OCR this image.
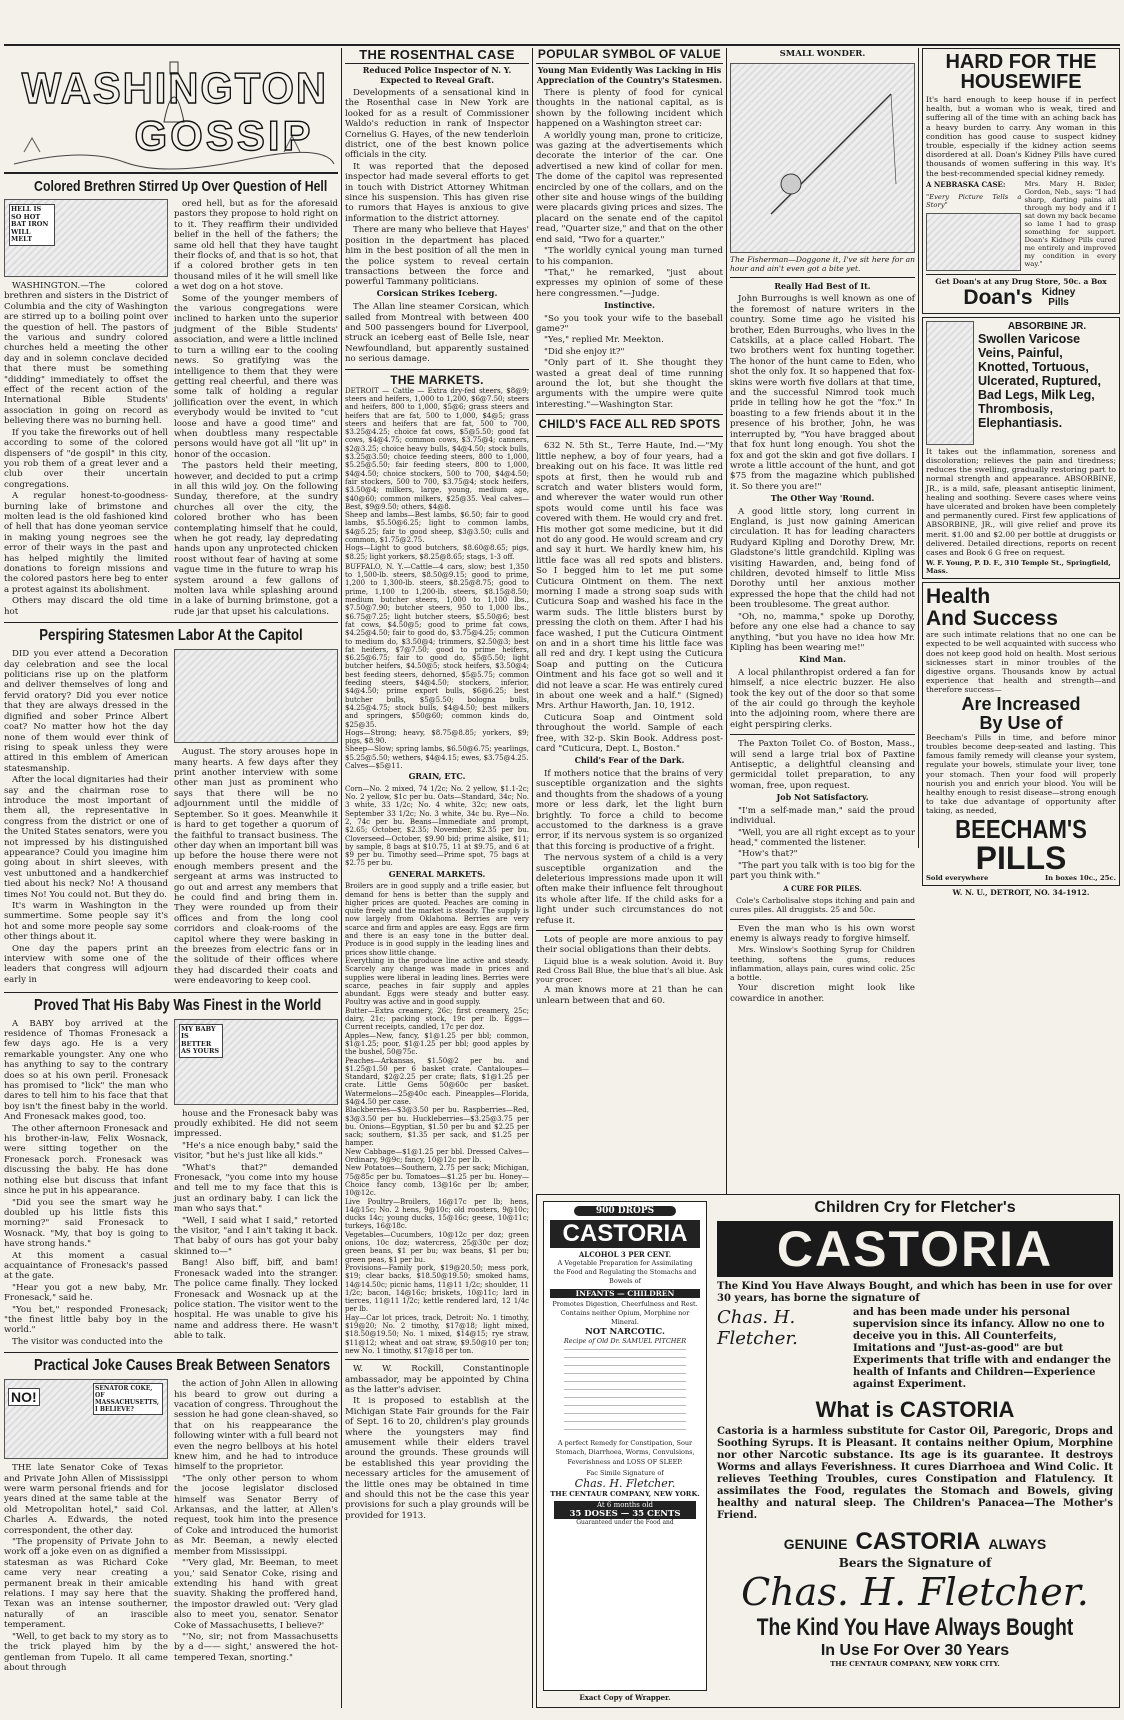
WASHINGTON
GOSSIP
Colored Brethren Stirred Up Over Question of Hell
HELL IS SO HOT BAT IRON WILL MELT

WASHINGTON.—The colored brethren and sisters in the District of Columbia and the city of Washington are stirred up to a boiling point over the question of hell. The pastors of the various and sundry colored churches held a meeting the other day and in solemn conclave decided that there must be something "didding" immediately to offset the effect of the recent action of the International Bible Students' association in going on record as believing there was no burning hell.

If you take the fireworks out of hell according to some of the colored dispensers of "de gospil" in this city, you rob them of a great lever and a club over their uncertain congregations.

A regular honest-to-goodness-burning lake of brimstone and molten lead is the old fashioned kind of hell that has done yeoman service in making young negroes see the error of their ways in the past and has helped mightily the limited donations to foreign missions and the colored pastors here beg to enter a protest against its abolishment.

Others may discard the old time hot

ored hell, but as for the aforesaid pastors they propose to hold right on to it. They reaffirm their undivided belief in the hell of the fathers; the same old hell that they have taught their flocks of, and that is so hot, that if a colored brother gets in ten thousand miles of it he will smell like a wet dog on a hot stove.

Some of the younger members of the various congregations were inclined to harken unto the superior judgment of the Bible Students' association, and were a little inclined to turn a willing ear to the cooling news. So gratifying was the intelligence to them that they were getting real cheerful, and there was some talk of holding a regular jollification over the event, in which everybody would be invited to "cut loose and have a good time" and when doubtless many respectable persons would have got all "lit up" in honor of the occasion.

The pastors held their meeting, however, and decided to put a crimp in all this wild joy. On the following Sunday, therefore, at the sundry churches all over the city, the colored brother who has been contemplating himself that he could, when he got ready, lay depredating hands upon any unprotected chicken roost without fear of having at some vague time in the future to wrap his system around a few gallons of molten lava while splashing around in a lake of burning brimstone, got a rude jar that upset his calculations.

Perspiring Statesmen Labor At the Capitol

DID you ever attend a Decoration day celebration and see the local politicians rise up on the platform and deliver themselves of long and fervid oratory? Did you ever notice that they are always dressed in the dignified and sober Prince Albert coat? No matter how hot the day none of them would ever think of rising to speak unless they were attired in this emblem of American statesmanship.

After the local dignitaries had their say and the chairman rose to introduce the most important of them all, the representative in congress from the district or one of the United States senators, were you not impressed by his distinguished appearance? Could you imagine him going about in shirt sleeves, with vest unbuttoned and a handkerchief tied about his neck? No! A thousand times No! You could not. But they do.

It's warm in Washington in the summertime. Some people say it's hot and some more people say some other things about it.

One day the papers print an interview with some one of the leaders that congress will adjourn early in

August. The story arouses hope in many hearts. A few days after they print another interview with some other man just as prominent who says that there will be no adjournment until the middle of September. So it goes. Meanwhile it is hard to get together a quorum of the faithful to transact business. The other day when an important bill was up before the house there were not enough members present and the sergeant at arms was instructed to go out and arrest any members that he could find and bring them in. They were rounded up from their offices and from the long cool corridors and cloak-rooms of the capitol where they were basking in the breezes from electric fans or in the solitude of their offices where they had discarded their coats and were endeavoring to keep cool.

Proved That His Baby Was Finest in the World

A BABY boy arrived at the residence of Thomas Fronesack a few days ago. He is a very remarkable youngster. Any one who has anything to say to the contrary does so at his own peril. Fronesack has promised to "lick" the man who dares to tell him to his face that that boy isn't the finest baby in the world. And Fronesack makes good, too.

The other afternoon Fronesack and his brother-in-law, Felix Wosnack, were sitting together on the Fronesack porch. Fronesack was discussing the baby. He has done nothing else but discuss that infant since he put in his appearance.

"Did you see the smart way he doubled up his little fists this morning?" said Fronesack to Wosnack. "My, that boy is going to have strong hands."

At this moment a casual acquaintance of Fronesack's passed at the gate.

"Hear you got a new baby, Mr. Fronesack," said he.

"You bet," responded Fronesack; "the finest little baby boy in the world."

The visitor was conducted into the

MY BABY IS BETTER AS YOURS

house and the Fronesack baby was proudly exhibited. He did not seem impressed.

"He's a nice enough baby," said the visitor, "but he's just like all kids."

"What's that?" demanded Fronesack, "you come into my house and tell me to my face that this is just an ordinary baby. I can lick the man who says that."

"Well, I said what I said," retorted the visitor, "and I ain't taking it back. That baby of ours has got your baby skinned to—"

Bang! Also biff, biff, and bam! Fronesack waded into the stranger. The police came finally. They locked Fronesack and Wosnack up at the police station. The visitor went to the hospital. He was unable to give his name and address there. He wasn't able to talk.

Practical Joke Causes Break Between Senators
NO!
SENATOR COKE, OF MASSACHUSETTS, I BELIEVE?

THE late Senator Coke of Texas and Private John Allen of Mississippi were warm personal friends and for years dined at the same table at the old Metropolitan hotel," said Col. Charles A. Edwards, the noted correspondent, the other day.

"The propensity of Private John to work off a joke even on as dignified a statesman as was Richard Coke came very near creating a permanent break in their amicable relations. I may say here that the Texan was an intense southerner, naturally of an irascible temperament.

"Well, to get back to my story as to the trick played him by the gentleman from Tupelo. It all came about through

the action of John Allen in allowing his beard to grow out during a vacation of congress. Throughout the session he had gone clean-shaved, so that on his reappearance the following winter with a full beard not even the negro bellboys at his hotel knew him, and he had to introduce himself to the proprietor.

"The only other person to whom the jocose legislator disclosed himself was Senator Berry of Arkansas, and the latter, at Allen's request, took him into the presence of Coke and introduced the humorist as Mr. Beeman, a newly elected member from Mississippi.

"'Very glad, Mr. Beeman, to meet you,' said Senator Coke, rising and extending his hand with great suavity. Shaking the proffered hand, the impostor drawled out: 'Very glad also to meet you, senator. Senator Coke of Massachusetts, I believe?'

"'No, sir; not from Massachusetts by a d—— sight,' answered the hot-tempered Texan, snorting."

THE ROSENTHAL CASE
Reduced Police Inspector of N. Y. Expected to Reveal Graft.

Developments of a sensational kind in the Rosenthal case in New York are looked for as a result of Commissioner Waldo's reduction in rank of Inspector Cornelius G. Hayes, of the new tenderloin district, one of the best known police officials in the city.

It was reported that the deposed inspector had made several efforts to get in touch with District Attorney Whitman since his suspension. This has given rise to rumors that Hayes is anxious to give information to the district attorney.

There are many who believe that Hayes' position in the department has placed him in the best position of all the men in the police system to reveal certain transactions between the force and powerful Tammany politicians.

Corsican Strikes Iceberg.

The Allan line steamer Corsican, which sailed from Montreal with between 400 and 500 passengers bound for Liverpool, struck an iceberg east of Belle Isle, near Newfoundland, but apparently sustained no serious damage.

THE MARKETS.

DETROIT — Cattle — Extra dry-fed steers, $8@9; steers and heifers, 1,000 to 1,200, $6@7.50; steers and heifers, 800 to 1,000, $5@6; grass steers and heifers that are fat, 500 to 1,000, $4@5; grass steers and heifers that are fat, 500 to 700, $3.25@4.25; choice fat cows, $5@5.50; good fat cows, $4@4.75; common cows, $3.75@4; canners, $2@3.25; choice heavy bulls, $4@4.50; stock bulls, $3.25@3.50; choice feeding steers, 800 to 1,000, $5.25@5.50; fair feeding steers, 800 to 1,000, $4@4.50; choice stockers, 500 to 700, $4@4.50; fair stockers, 500 to 700, $3.75@4; stock heifers, $3.50@4; milkers, large, young, medium age, $40@60; common milkers, $25@35. Veal calves—Best, $9@9.50; others, $4@8.

Sheep and lambs—Best lambs, $6.50; fair to good lambs, $5.50@6.25; light to common lambs, $4@5.25; fair to good sheep, $3@3.50; culls and common, $1.75@2.75.

Hogs—Light to good butchers, $8.60@8.65; pigs, $8.25; light yorkers, $8.25@8.65; stags, 1-3 off.

BUFFALO, N. Y.—Cattle—4 cars, slow; best 1,350 to 1,500-lb. steers, $8.50@9.15; good to prime, 1,200 to 1,300-lb. steers, $8.25@8.75; good to prime, 1,100 to 1,200-lb. steers, $8.15@8.50; medium butcher steers, 1,000 to 1,100 lbs., $7.50@7.90; butcher steers, 950 to 1,000 lbs., $6.75@7.25; light butcher steers, $5.50@6; best fat cows, $4.50@5; good to prime fat cows, $4.25@4.50; fair to good do, $3.75@4.25; common to medium do, $3.50@4; trimmers, $2.50@3; best fat heifers, $7@7.50; good to prime heifers, $6.25@6.75; fair to good do, $5@5.50; light butcher heifers, $4.50@5; stock heifers, $3.50@4; best feeding steers, dehorned, $5@5.75; common feeding steers, $4@4.50; stockers, inferior, $4@4.50; prime export bulls, $6@6.25; best butcher bulls, $5@5.50; bologna bulls, $4.25@4.75; stock bulls, $4@4.50; best milkers and springers, $50@60; common kinds do, $25@35.

Hogs—Strong; heavy, $8.75@8.85; yorkers, $9; pigs, $8.90.

Sheep—Slow; spring lambs, $6.50@6.75; yearlings, $5.25@5.50; wethers, $4@4.15; ewes, $3.75@4.25.

Calves—$5@11.

GRAIN, ETC.

Corn—No. 2 mixed, 74 1/2c; No. 2 yellow, $1.1-2c; No. 2 yellow, $1c per bu. Oats—Standard, 34c; No. 3 white, 33 1/2c; No. 4 white, 32c; new oats, September 33 1/2c; No. 3 white, 34c bu. Rye—No. 2, 74c per bu. Beans—Immediate and prompt, $2.65; October, $2.35; November, $2.35 per bu. Cloverseed—October, $9.90 bid; prime alsike, $11; by sample, 8 bags at $10.75, 11 at $9.75, and 6 at $9 per bu. Timothy seed—Prime spot, 75 bags at $2.75 per bu.

GENERAL MARKETS.

Broilers are in good supply and a trifle easier, but demand for hens is better than the supply and higher prices are quoted. Peaches are coming in quite freely and the market is steady. The supply is now largely from Oklahoma. Berries are very scarce and firm and apples are easy. Eggs are firm and there is an easy tone in the butter deal. Produce is in good supply in the leading lines and prices show little change.

Everything in the produce line active and steady. Scarcely any change was made in prices and supplies were liberal in leading lines. Berries were scarce, peaches in fair supply and apples abundant. Eggs were steady and butter easy. Poultry was active and in good supply.

Butter—Extra creamery, 26c; first creamery, 25c; dairy, 21c; packing stock, 19c per lb. Eggs—Current receipts, candled, 17c per doz.

Apples—New, fancy, $1@1.25 per bbl; common, $1@1.25; poor, $1@1.25 per bbl; good apples by the bushel, 50@75c.

Peaches—Arkansas, $1.50@2 per bu. and $1.25@1.50 per 6 basket crate. Cantaloupes—Standard, $2@2.25 per crate; flats, $1@1.25 per crate. Little Gems 50@60c per basket. Watermelons—25@40c each. Pineapples—Florida, $4@4.50 per case.

Blackberries—$3@3.50 per bu. Raspberries—Red, $3@3.50 per bu. Huckleberries—$3.25@3.75 per bu. Onions—Egyptian, $1.50 per bu and $2.25 per sack; southern, $1.35 per sack, and $1.25 per hamper.

New Cabbage—$1@1.25 per bbl. Dressed Calves—Ordinary, 9@9c; fancy, 10@12c per lb.

New Potatoes—Southern, 2.75 per sack; Michigan, 75@85c per bu. Tomatoes—$1.25 per bu. Honey—Choice fancy comb, 13@16c per lb; amber, 10@12c.

Live Poultry—Broilers, 16@17c per lb; hens, 14@15c; No. 2 hens, 9@10c; old roosters, 9@10c; ducks 14c; young ducks, 15@16c; geese, 10@11c; turkeys, 16@18c.

Vegetables—Cucumbers, 10@12c per doz; green onions, 10c doz; watercress, 25@30c per doz; green beans, $1 per bu; wax beans, $1 per bu; green peas, $1 per bu.

Provisions—Family pork, $19@20.50; mess pork, $19; clear backs, $18.50@19.50; smoked hams, 14@14.50c; picnic hams, 11@11 1/2c; shoulder, 11 1/2c; bacon, 14@16c; briskets, 10@11c; lard in tierces, 11@11 1/2c; kettle rendered lard, 12 1/4c per lb.

Hay—Car lot prices, track, Detroit: No. 1 timothy, $19@20; No. 2 timothy, $17@18; light mixed, $18.50@19.50; No. 1 mixed, $14@15; rye straw, $11@12; wheat and oat straw, $9.50@10 per ton; new No. 1 timothy, $17@18 per ton.

W. W. Rockill, Constantinople ambassador, may be appointed by China as the latter's adviser.

It is proposed to establish at the Michigan State Fair grounds for the Fair of Sept. 16 to 20, children's play grounds where the youngsters may find amusement while their elders travel around the grounds. These grounds will be established this year providing the necessary articles for the amusement of the little ones may be obtained in time and should this not be the case this year provisions for such a play grounds will be provided for 1913.

POPULAR SYMBOL OF VALUE
Young Man Evidently Was Lacking in His Appreciation of the Country's Statesmen.

There is plenty of food for cynical thoughts in the national capital, as is shown by the following incident which happened on a Washington street car:

A worldly young man, prone to criticize, was gazing at the advertisements which decorate the interior of the car. One advertised a new kind of collar for men. The dome of the capitol was represented encircled by one of the collars, and on the other site and house wings of the building were placards giving prices and sizes. The placard on the senate end of the capitol read, "Quarter size," and that on the other end said, "Two for a quarter."

"The worldly cynical young man turned to his companion.

"That," he remarked, "just about expresses my opinion of some of these here congressmen."—Judge.

Instinctive.

"So you took your wife to the baseball game?"

"Yes," replied Mr. Meekton.

"Did she enjoy it?"

"Only part of it. She thought they wasted a great deal of time running around the lot, but she thought the arguments with the umpire were quite interesting."—Washington Star.

CHILD'S FACE ALL RED SPOTS

632 N. 5th St., Terre Haute, Ind.—"My little nephew, a boy of four years, had a breaking out on his face. It was little red spots at first, then he would rub and scratch and water blisters would form, and wherever the water would run other spots would come until his face was covered with them. He would cry and fret. His mother got some medicine, but it did not do any good. He would scream and cry and say it hurt. We hardly knew him, his little face was all red spots and blisters. So I begged him to let me put some Cuticura Ointment on them. The next morning I made a strong soap suds with Cuticura Soap and washed his face in the warm suds. The little blisters burst by pressing the cloth on them. After I had his face washed, I put the Cuticura Ointment on and in a short time his little face was all red and dry. I kept using the Cuticura Soap and putting on the Cuticura Ointment and his face got so well and it did not leave a scar. He was entirely cured in about one week and a half." (Signed) Mrs. Arthur Haworth, Jan. 10, 1912.

Cuticura Soap and Ointment sold throughout the world. Sample of each free, with 32-p. Skin Book. Address post-card "Cuticura, Dept. L, Boston."

Child's Fear of the Dark.

If mothers notice that the brains of very susceptible organization and the sights and thoughts from the shadows of a young more or less dark, let the light burn brightly. To force a child to become accustomed to the darkness is a grave error, if its nervous system is so organized that this forcing is productive of a fright.

The nervous system of a child is a very susceptible organization and the deleterious impressions made upon it will often make their influence felt throughout its whole after life. If the child asks for a light under such circumstances do not refuse it.

Lots of people are more anxious to pay their social obligations than their debts.

Liquid blue is a weak solution. Avoid it. Buy Red Cross Ball Blue, the blue that's all blue. Ask your grocer.

A man knows more at 21 than he can unlearn between that and 60.

SMALL WONDER.
The Fisherman—Doggone it, I've sit here for an hour and ain't even got a bite yet.
Really Had Best of It.

John Burroughs is well known as one of the foremost of nature writers in the country. Some time ago he visited his brother, Eden Burroughs, who lives in the Catskills, at a place called Hobart. The two brothers went fox hunting together. The honor of the hunt came to Eden, who shot the only fox. It so happened that fox-skins were worth five dollars at that time, and the successful Nimrod took much pride in telling how he got the "fox." In boasting to a few friends about it in the presence of his brother, John, he was interrupted by, "You have bragged about that fox hunt long enough. You shot the fox and got the skin and got five dollars. I wrote a little account of the hunt, and got $75 from the magazine which published it. So there you are!"

The Other Way 'Round.

A good little story, long current in England, is just now gaining American circulation. It has for leading characters Rudyard Kipling and Dorothy Drew, Mr. Gladstone's little grandchild. Kipling was visiting Hawarden, and, being fond of children, devoted himself to little Miss Dorothy until her anxious mother expressed the hope that the child had not been troublesome. The great author.

"Oh, no, mamma," spoke up Dorothy, before any one else had a chance to say anything, "but you have no idea how Mr. Kipling has been wearing me!"

Kind Man.

A local philanthropist ordered a fan for himself, a nice electric buzzer. He also took the key out of the door so that some of the air could go through the keyhole into the adjoining room, where there are eight perspiring clerks.

The Paxton Toilet Co. of Boston, Mass., will send a large trial box of Paxtine Antiseptic, a delightful cleansing and germicidal toilet preparation, to any woman, free, upon request.

Job Not Satisfactory.

"I'm a self-made man," said the proud individual.

"Well, you are all right except as to your head," commented the listener.

"How's that?"

"The part you talk with is too big for the part you think with."

A CURE FOR PILES.

Cole's Carbolisalve stops itching and pain and cures piles. All druggists. 25 and 50c.

Even the man who is his own worst enemy is always ready to forgive himself.

Mrs. Winslow's Soothing Syrup for Children teething, softens the gums, reduces inflammation, allays pain, cures wind colic. 25c a bottle.

Your discretion might look like cowardice in another.

HARD FOR THE
HOUSEWIFE
It's hard enough to keep house if in perfect health, but a woman who is weak, tired and suffering all of the time with an aching back has a heavy burden to carry. Any woman in this condition has good cause to suspect kidney trouble, especially if the kidney action seems disordered at all. Doan's Kidney Pills have cured thousands of women suffering in this way. It's the best-recommended special kidney remedy.
A NEBRASKA CASE:
"Every Picture Tells a Story"
Mrs. Mary H. Bixler, Gordon, Neb., says: "I had sharp, darting pains all through my body and if I sat down my back became so lame I had to grasp something for support. Doan's Kidney Pills cured me entirely and improved my condition in every way."
Get Doan's at any Drug Store, 50c. a Box
Doan's Kidney Pills
ABSORBINE JR.
Swollen Varicose Veins, Painful, Knotted, Tortuous, Ulcerated, Ruptured, Bad Legs, Milk Leg, Thrombosis, Elephantiasis.
It takes out the inflammation, soreness and discoloration; relieves the pain and tiredness; reduces the swelling, gradually restoring part to normal strength and appearance. ABSORBINE, JR., is a mild, safe, pleasant antiseptic liniment, healing and soothing. Severe cases where veins have ulcerated and broken have been completely and permanently cured. First few applications of ABSORBINE, JR., will give relief and prove its merit. $1.00 and $2.00 per bottle at druggists or delivered. Detailed directions, reports on recent cases and Book 6 G free on request.
W. F. Young, P. D. F., 310 Temple St., Springfield, Mass.
Health
And Success
are such intimate relations that no one can be expected to be well acquainted with success who does not keep good hold on health. Most serious sicknesses start in minor troubles of the digestive organs. Thousands know by actual experience that health and strength—and therefore success—
Are Increased
By Use of
Beecham's Pills in time, and before minor troubles become deep-seated and lasting. This famous family remedy will cleanse your system, regulate your bowels, stimulate your liver, tone your stomach. Then your food will properly nourish you and enrich your blood. You will be healthy enough to resist disease—strong enough to take due advantage of opportunity after taking, as needed,
BEECHAM'S
PILLS
Sold everywhere	In boxes 10c., 25c.
W. N. U., DETROIT, NO. 34-1912.
900 DROPS
CASTORIA
ALCOHOL 3 PER CENT.
A Vegetable Preparation for Assimilating the Food and Regulating the Stomachs and Bowels of
INFANTS — CHILDREN
Promotes Digestion, Cheerfulness and Rest. Contains neither Opium, Morphine nor Mineral.
NOT NARCOTIC.
Recipe of Old Dr. SAMUEL PITCHER
A perfect Remedy for Constipation, Sour Stomach, Diarrhoea, Worms, Convulsions, Feverishness and LOSS OF SLEEP.
Fac Simile Signature of
Chas. H. Fletcher.
THE CENTAUR COMPANY, NEW YORK.
At 6 months old
35 DOSES — 35 CENTS
Guaranteed under the Food and
Exact Copy of Wrapper.
Children Cry for Fletcher's
CASTORIA
The Kind You Have Always Bought, and which has been in use for over 30 years, has borne the signature of
Chas. H. Fletcher.
and has been made under his personal supervision since its infancy. Allow no one to deceive you in this. All Counterfeits, Imitations and "Just-as-good" are but Experiments that trifle with and endanger the health of Infants and Children—Experience against Experiment.
What is CASTORIA
Castoria is a harmless substitute for Castor Oil, Paregoric, Drops and Soothing Syrups. It is Pleasant. It contains neither Opium, Morphine nor other Narcotic substance. Its age is its guarantee. It destroys Worms and allays Feverishness. It cures Diarrhoea and Wind Colic. It relieves Teething Troubles, cures Constipation and Flatulency. It assimilates the Food, regulates the Stomach and Bowels, giving healthy and natural sleep. The Children's Panacea—The Mother's Friend.
GENUINE CASTORIA ALWAYS
Bears the Signature of
Chas. H. Fletcher.
The Kind You Have Always Bought
In Use For Over 30 Years
THE CENTAUR COMPANY, NEW YORK CITY.
